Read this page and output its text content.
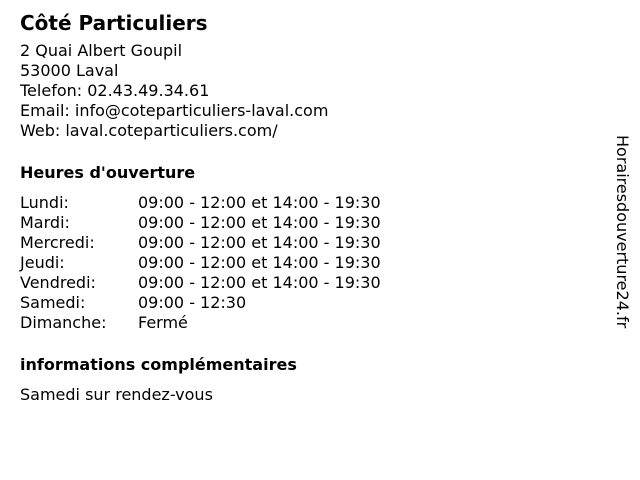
Côté Particuliers
2 Quai Albert Goupil
53000 Laval
Telefon: 02.43.49.34.61
Email: info@coteparticuliers-laval.com
Web: laval.coteparticuliers.com/
Heures d'ouverture
Lundi:	09:00 - 12:00 et 14:00 - 19:30
Mardi:	09:00 - 12:00 et 14:00 - 19:30
Mercredi:	09:00 - 12:00 et 14:00 - 19:30
Jeudi:	09:00 - 12:00 et 14:00 - 19:30
Vendredi:	09:00 - 12:00 et 14:00 - 19:30
Samedi:	09:00 - 12:30
Dimanche:	Fermé
informations complémentaires
Samedi sur rendez-vous
Horairesdouverture24.fr
